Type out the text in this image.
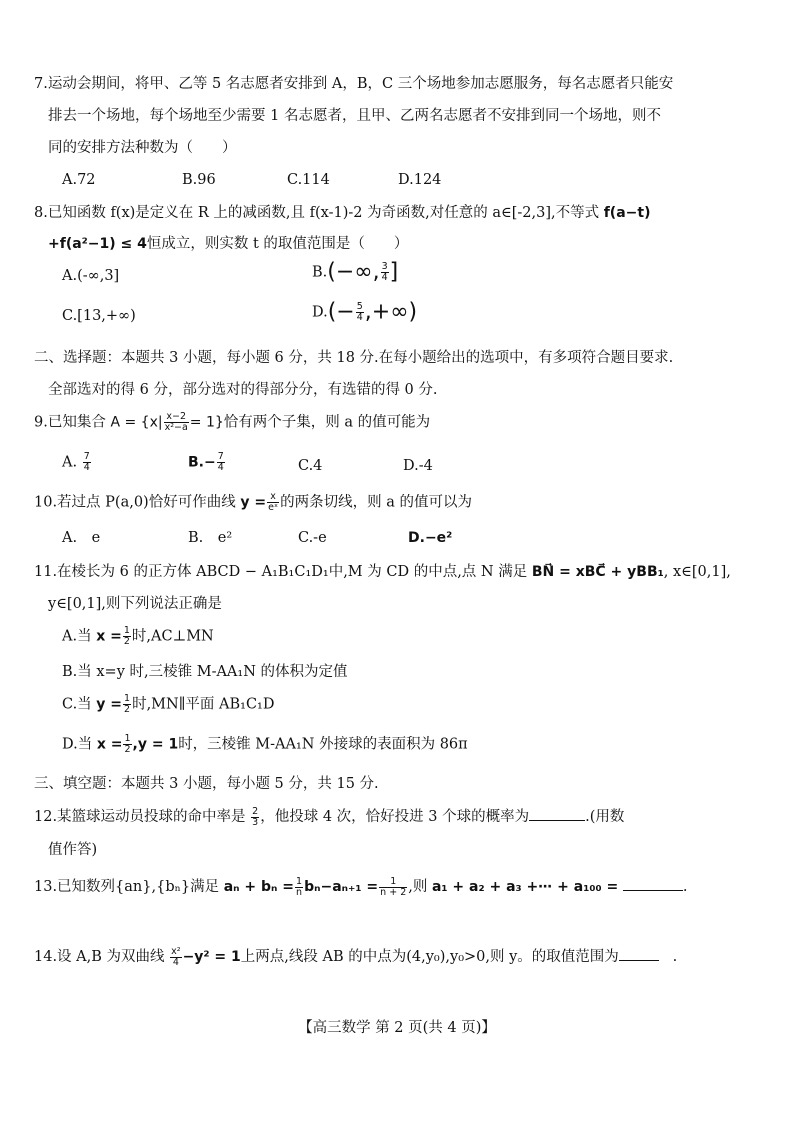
7.运动会期间，将甲、乙等 5 名志愿者安排到 A，B，C 三个场地参加志愿服务，每名志愿者只能安
排去一个场地，每个场地至少需要 1 名志愿者，且甲、乙两名志愿者不安排到同一个场地，则不
同的安排方法种数为（　　）
A.72	B.96	C.114	D.124
8.已知函数 f(x)是定义在 R 上的减函数,且 f(x-1)-2 为奇函数,对任意的 a∈[-2,3],不等式 f(a−t)
+f(a²−1) ≤ 4恒成立，则实数 t 的取值范围是（　　）
A.(-∞,3]	B.(−∞, $\frac{3}{4}$ ]
C.[13,+∞)	$D.(- \frac{5}{4}$ ,+∞)
二、选择题：本题共 3 小题，每小题 6 分，共 18 分.在每小题给出的选项中，有多项符合题目要求.
全部选对的得 6 分，部分选对的得部分分，有选错的得 0 分.
9.已知集合 $A = \{x| \frac{x-2}{\text{x²−a}} = 1\}$恰有两个子集，则 a 的值可能为
A. $\frac{7}{4}$	$B.- \frac{7}{4}$	C.4	D.-4
10.若过点 P(a,0)恰好可作曲线 $y = \frac{x}{\text{eˣ}}$ 的两条切线，则 a 的值可以为
A.　e	B.　e²	C.-e	D.−e²
11.在棱长为 6 的正方体 ABCD − A₁B₁C₁D₁中,M 为 CD 的中点,点 N 满足 BN⃗ = xBC⃗ + yBB₁, x∈[0,1],
y∈[0,1],则下列说法正确是
A.当 $x = \frac{1}{2}$ 时,AC⊥MN
B.当 x=y 时,三棱锥 M-AA₁N 的体积为定值
C.当 $y = \frac{1}{2}$ 时,MN∥平面 AB₁C₁D
D.当 $x = \frac{1}{2} ,y = 1$时，三棱锥 M-AA₁N 外接球的表面积为 86π
三、填空题：本题共 3 小题，每小题 5 分，共 15 分.
12.某篮球运动员投球的命中率是 $\frac{2}{3}$ ，他投球 4 次，恰好投进 3 个球的概率为	.(用数
值作答)
13.已知数列{an},{bₙ}满足 $a_n + b_n = \frac{1}{n} b_n-a_{n+1} = \frac{1}{n + 2}$ ,则 a₁ + a₂ + a₃ +⋯ + a₁₀₀ =	.
14.设 A,B 为双曲线 $\frac{\text{x²}}{4} -y^2 = 1$上两点,线段 AB 的中点为(4,y₀),y₀>0,则 y。的取值范围为	.
【高三数学 第 2 页(共 4 页)】
